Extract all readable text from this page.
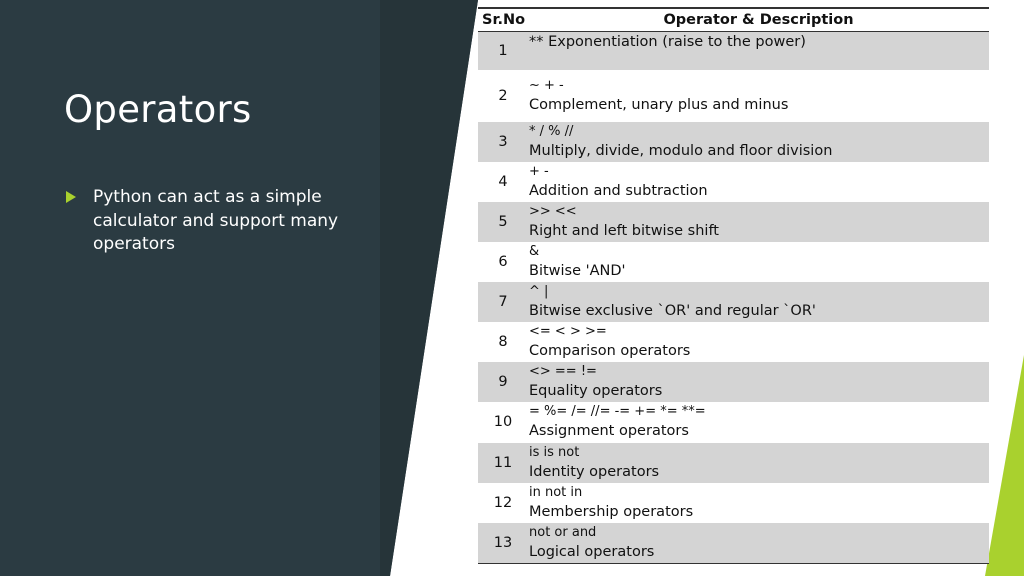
Operators
Python can act as a simple calculator and support many operators
Sr.No	Operator & Description
1	** Exponentiation (raise to the power)

2	~ + -
Complement, unary plus and minus

3	* / % //
Multiply, divide, modulo and floor division

4	+ -
Addition and subtraction

5	>> <<
Right and left bitwise shift

6	&
Bitwise 'AND'

7	^ |
Bitwise exclusive `OR' and regular `OR'

8	<= < > >=
Comparison operators

9	<> == !=
Equality operators

10	= %= /= //= -= += *= **=
Assignment operators

11	is is not
Identity operators

12	in not in
Membership operators

13	not or and
Logical operators
